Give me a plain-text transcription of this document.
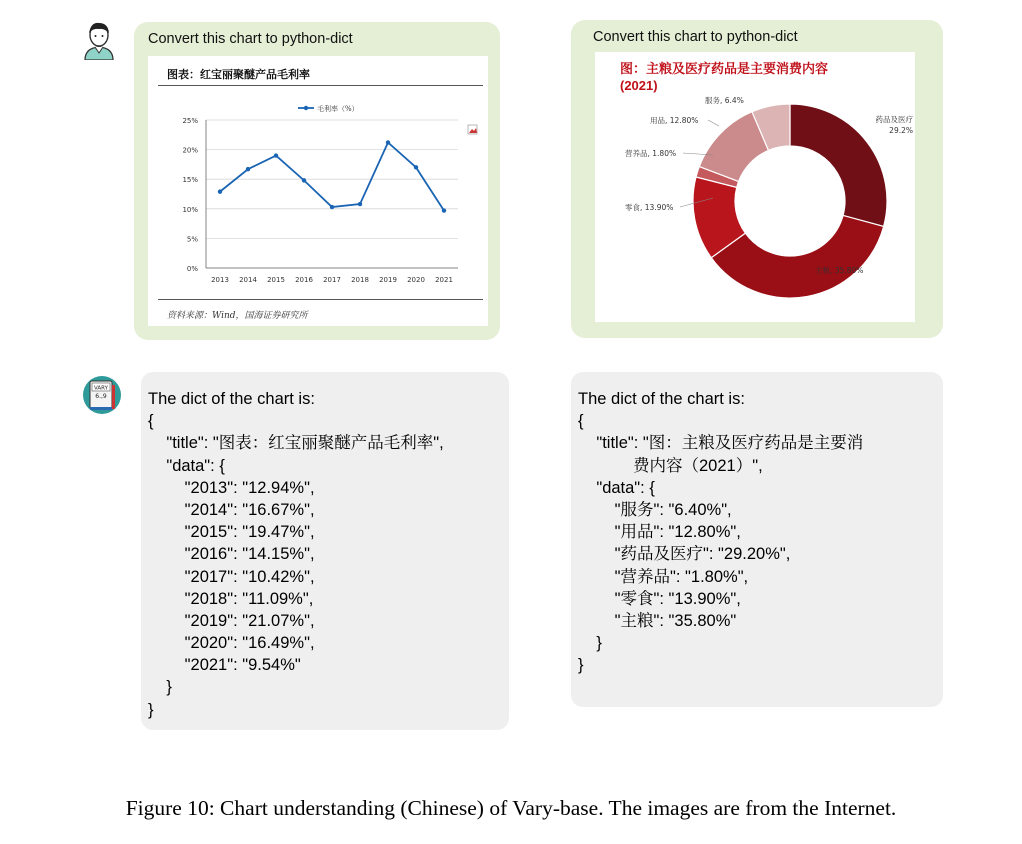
Convert this chart to python-dict
图表：红宝丽聚醚产品毛利率
0%
5%
10%
15%
20%
25%
2013 2014 2015 2016 2017 2018 2019 2020 2021
毛利率（%）
资料来源：Wind，国海证券研究所
Convert this chart to python-dict
图：主粮及医疗药品是主要消费内容
(2021)
药品及医疗
29.2%
主粮, 35.80%
零食, 13.90%
营养品, 1.80%
用品, 12.80%
服务, 6.4%
VARY
6.,9	The dict of the chart is:
{
"title": "图表：红宝丽聚醚产品毛利率",
"data": {
"2013": "12.94%",
"2014": "16.67%",
"2015": "19.47%",
"2016": "14.15%",
"2017": "10.42%",
"2018": "11.09%",
"2019": "21.07%",
"2020": "16.49%",
"2021": "9.54%"
}
}
The dict of the chart is:
{
"title": "图：主粮及医疗药品是主要消
费内容（2021）",
"data": {
"服务": "6.40%",
"用品": "12.80%",
"药品及医疗": "29.20%",
"营养品": "1.80%",
"零食": "13.90%",
"主粮": "35.80%"
}
}
Figure 10: Chart understanding (Chinese) of Vary-base. The images are from the Internet.
